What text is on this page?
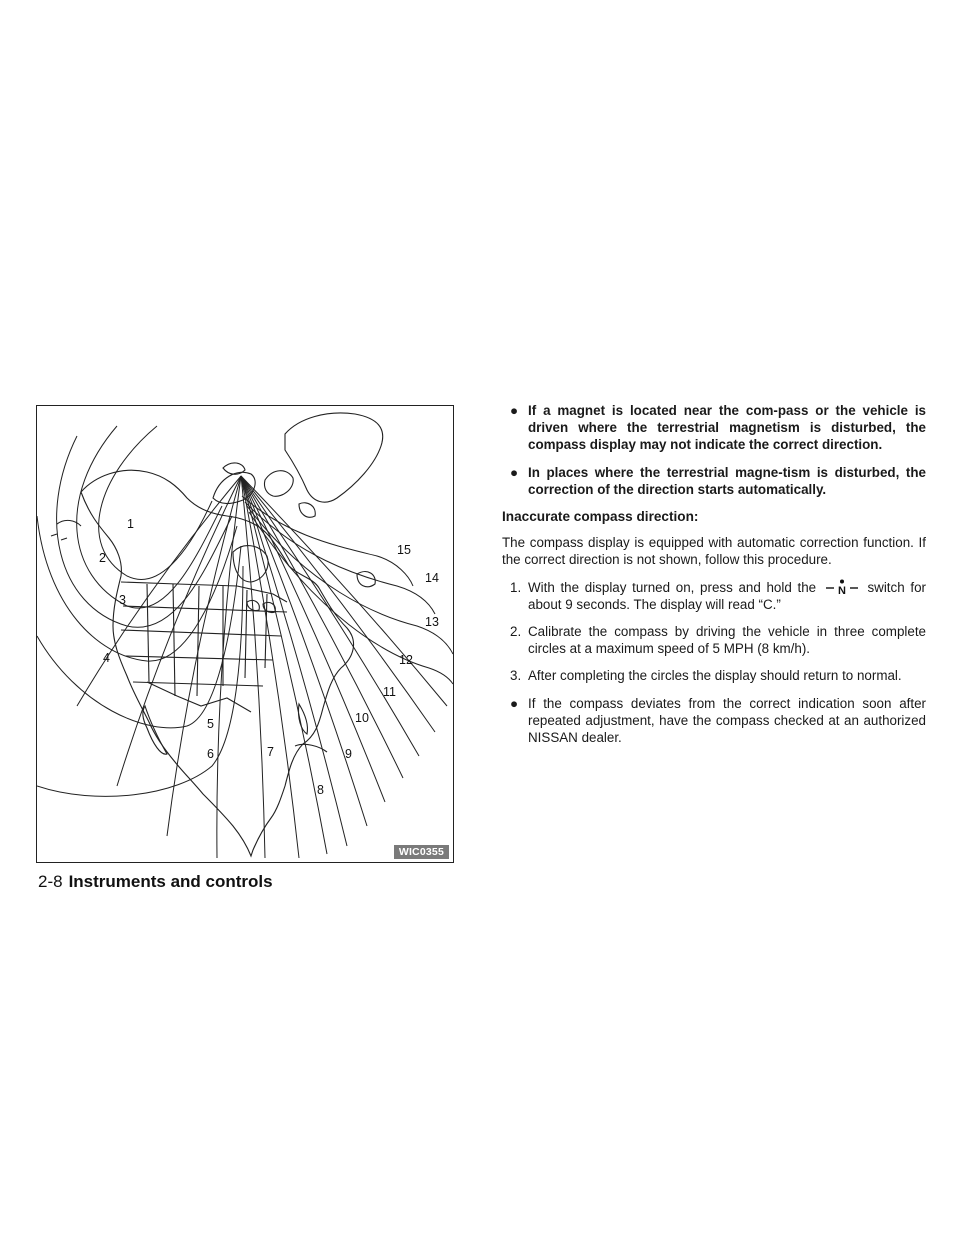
1
2
3
4
5
6	7
8
9
10
11
12
13
14
15
WIC0355
● If a magnet is located near the com-pass or the vehicle is driven where the terrestrial magnetism is disturbed, the compass display may not indicate the correct direction.
● In places where the terrestrial magne-tism is disturbed, the correction of the direction starts automatically.
Inaccurate compass direction:

The compass display is equipped with automatic correction function. If the correct direction is not shown, follow this procedure.

1. With the display turned on, press and hold the N switch for about 9 seconds. The display will read “C.”
2. Calibrate the compass by driving the vehicle in three complete circles at a maximum speed of 5 MPH (8 km/h).
3. After completing the circles the display should return to normal.
● If the compass deviates from the correct indication soon after repeated adjustment, have the compass checked at an authorized NISSAN dealer.
2-8 Instruments and controls
